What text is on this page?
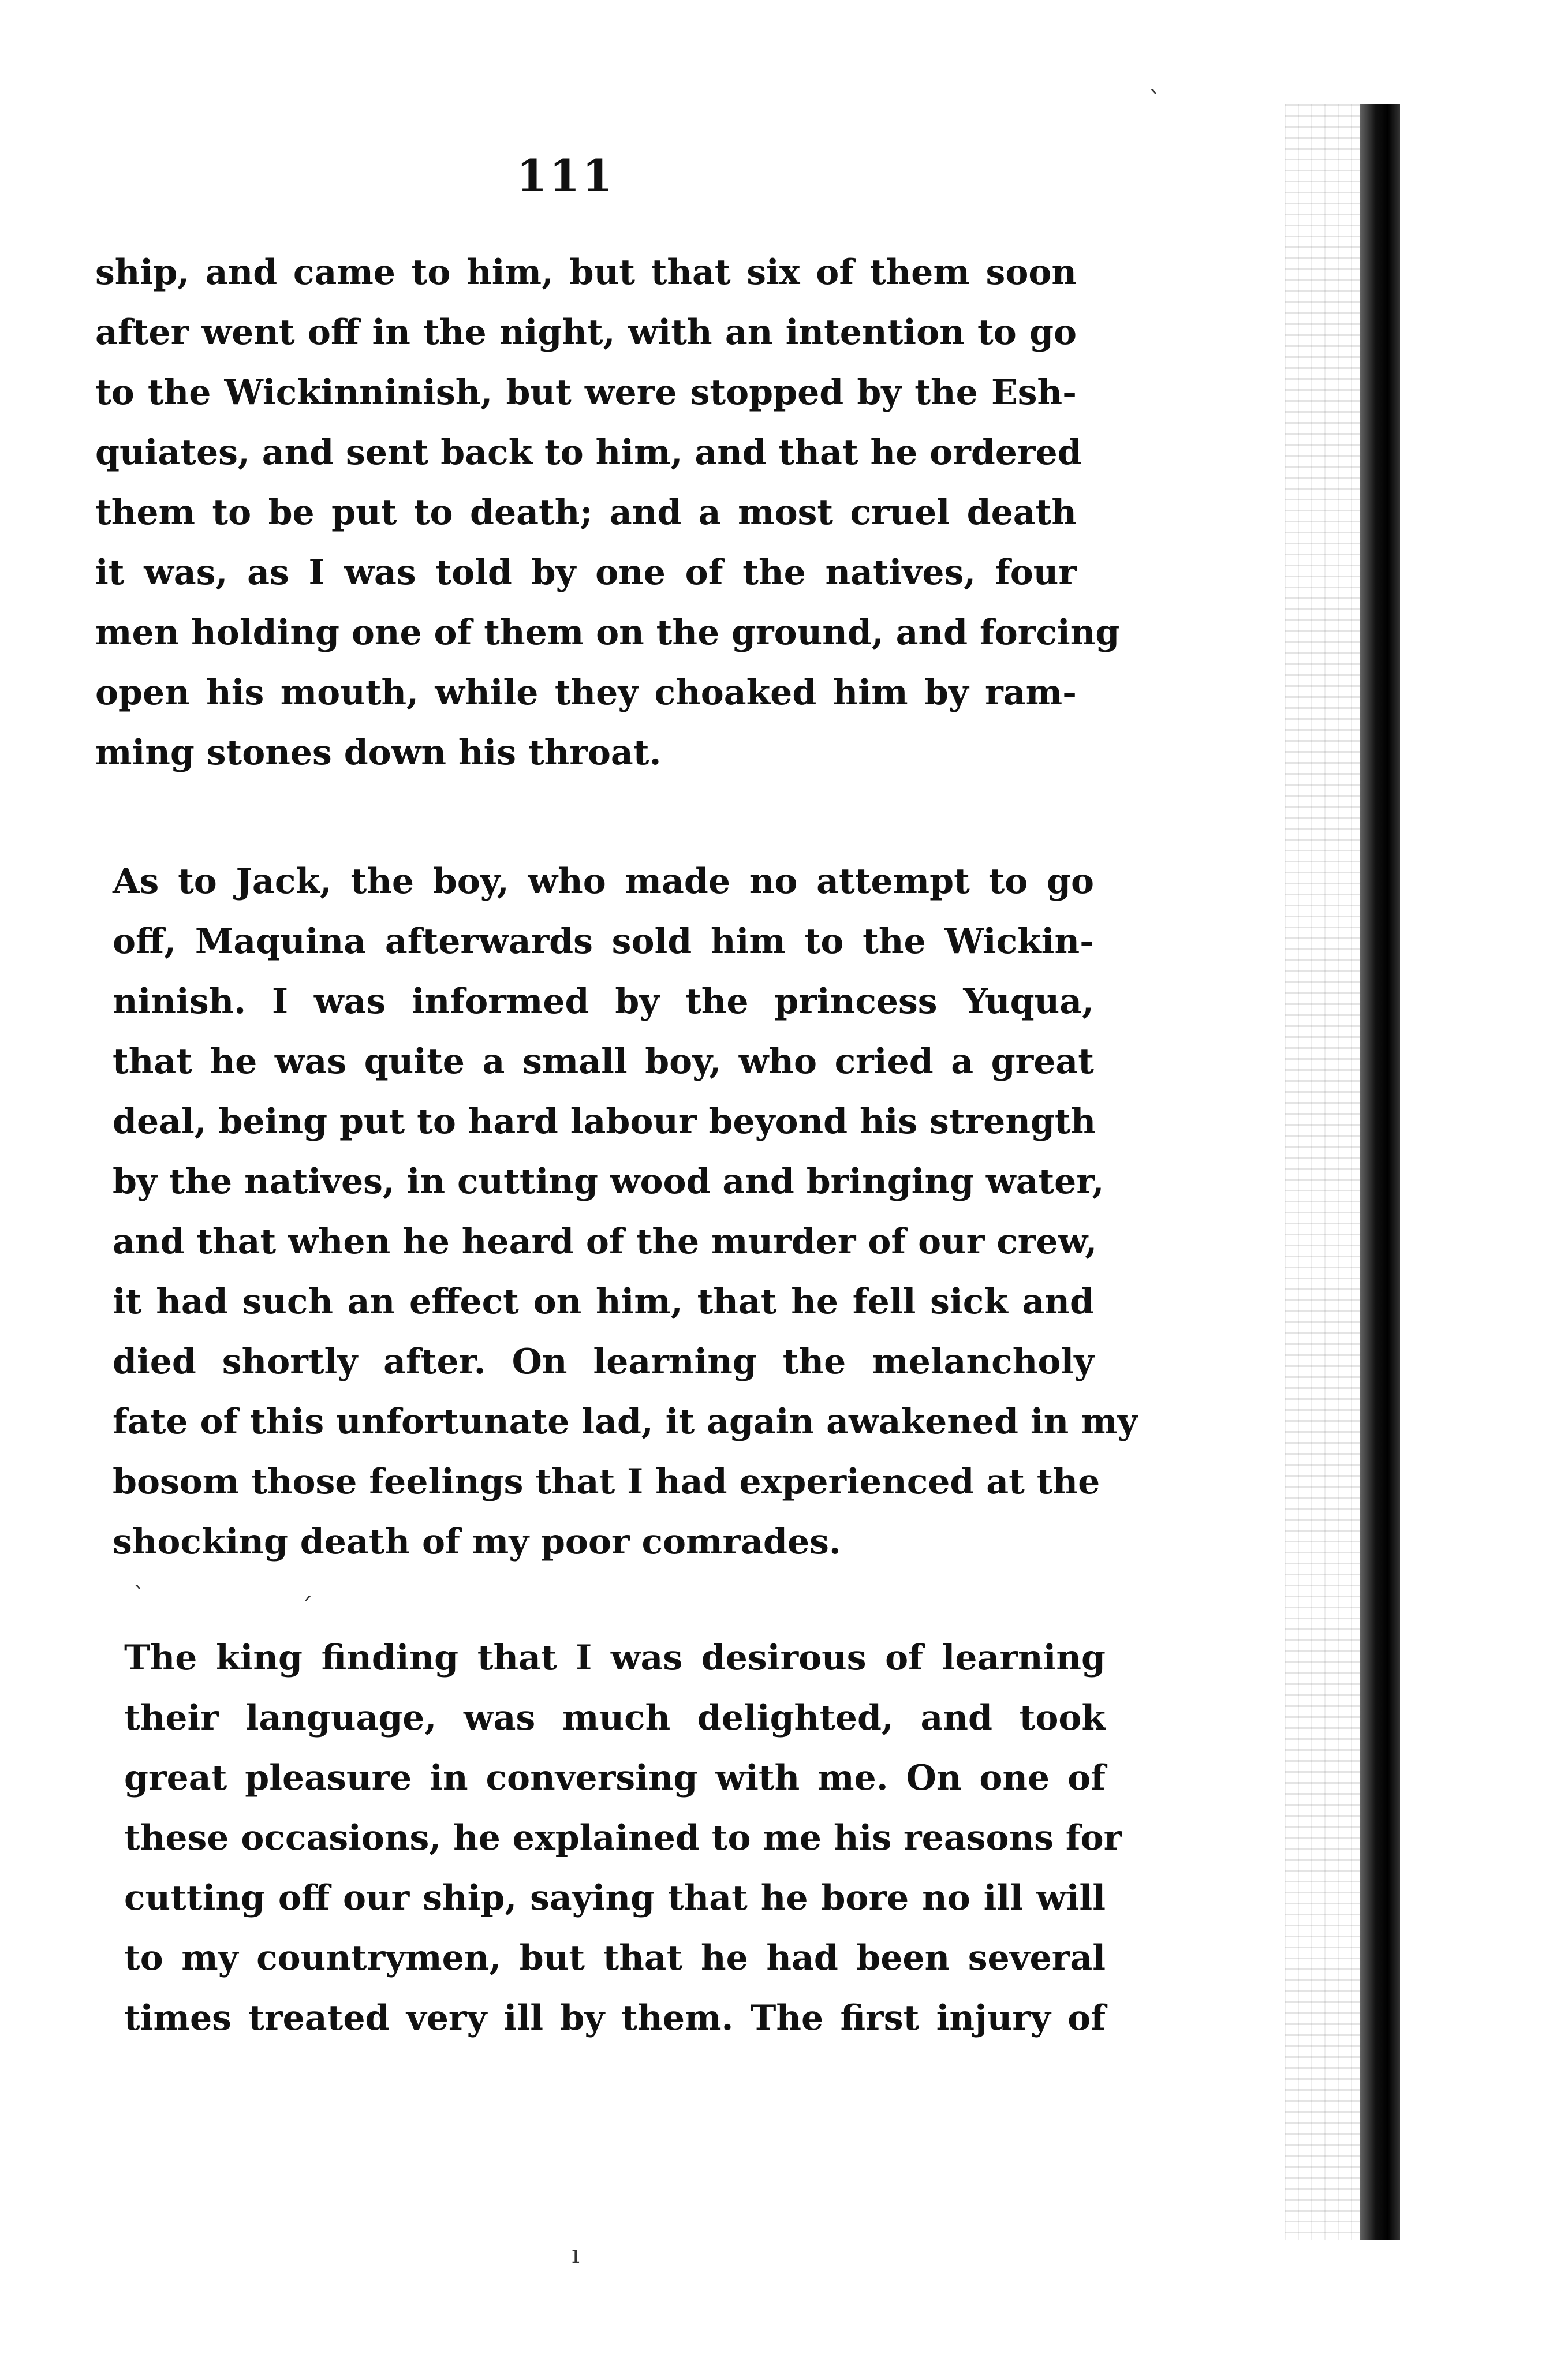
111
ship, and came to him, but that six of them soon
after went off in the night, with an intention to go
to the Wickinninish, but were stopped by the Esh-
quiates, and sent back to him, and that he ordered
them to be put to death; and a most cruel death
it was, as I was told by one of the natives, four
men holding one of them on the ground, and forcing
open his mouth, while they choaked him by ram-
ming stones down his throat.
As to Jack, the boy, who made no attempt to go
off, Maquina afterwards sold him to the Wickin-
ninish. I was informed by the princess Yuqua,
that he was quite a small boy, who cried a great
deal, being put to hard labour beyond his strength
by the natives, in cutting wood and bringing water,
and that when he heard of the murder of our crew,
it had such an effect on him, that he fell sick and
died shortly after. On learning the melancholy
fate of this unfortunate lad, it again awakened in my
bosom those feelings that I had experienced at the
shocking death of my poor comrades.
The king finding that I was desirous of learning
their language, was much delighted, and took
great pleasure in conversing with me. On one of
these occasions, he explained to me his reasons for
cutting off our ship, saying that he bore no ill will
to my countrymen, but that he had been several
times treated very ill by them. The first injury of
ˋ
ˋ	ˊ
ı
